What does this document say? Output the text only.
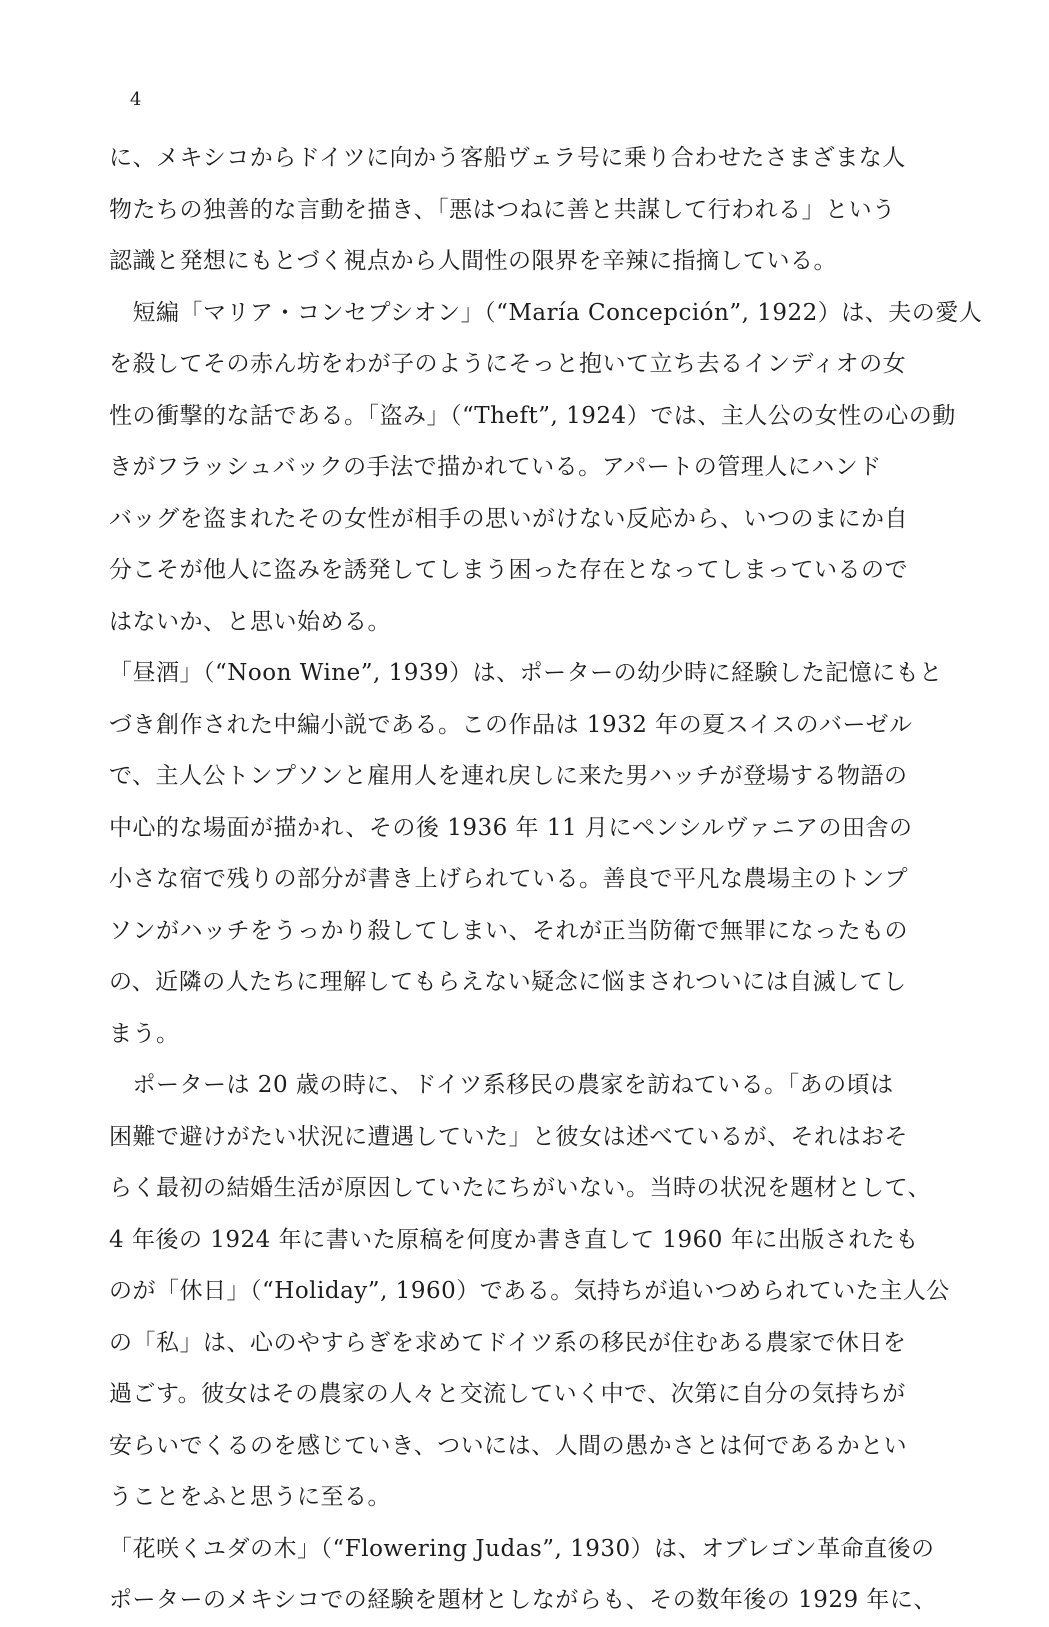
4
に、メキシコからドイツに向かう客船ヴェラ号に乗り合わせたさまざまな人
物たちの独善的な言動を描き、「悪はつねに善と共謀して行われる」という
認識と発想にもとづく視点から人間性の限界を辛辣に指摘している。
　短編「マリア・コンセプシオン」（“María Concepción”, 1922）は、夫の愛人
を殺してその赤ん坊をわが子のようにそっと抱いて立ち去るインディオの女
性の衝撃的な話である。「盗み」（“Theft”, 1924）では、主人公の女性の心の動
きがフラッシュバックの手法で描かれている。アパートの管理人にハンド
バッグを盗まれたその女性が相手の思いがけない反応から、いつのまにか自
分こそが他人に盗みを誘発してしまう困った存在となってしまっているので
はないか、と思い始める。
「昼酒」（“Noon Wine”, 1939）は、ポーターの幼少時に経験した記憶にもと
づき創作された中編小説である。この作品は 1932 年の夏スイスのバーゼル
で、主人公トンプソンと雇用人を連れ戻しに来た男ハッチが登場する物語の
中心的な場面が描かれ、その後 1936 年 11 月にペンシルヴァニアの田舎の
小さな宿で残りの部分が書き上げられている。善良で平凡な農場主のトンプ
ソンがハッチをうっかり殺してしまい、それが正当防衛で無罪になったもの
の、近隣の人たちに理解してもらえない疑念に悩まされついには自滅してし
まう。
　ポーターは 20 歳の時に、ドイツ系移民の農家を訪ねている。「あの頃は
困難で避けがたい状況に遭遇していた」と彼女は述べているが、それはおそ
らく最初の結婚生活が原因していたにちがいない。当時の状況を題材として、
4 年後の 1924 年に書いた原稿を何度か書き直して 1960 年に出版されたも
のが「休日」（“Holiday”, 1960）である。気持ちが追いつめられていた主人公
の「私」は、心のやすらぎを求めてドイツ系の移民が住むある農家で休日を
過ごす。彼女はその農家の人々と交流していく中で、次第に自分の気持ちが
安らいでくるのを感じていき、ついには、人間の愚かさとは何であるかとい
うことをふと思うに至る。
「花咲くユダの木」（“Flowering Judas”, 1930）は、オブレゴン革命直後の
ポーターのメキシコでの経験を題材としながらも、その数年後の 1929 年に、
